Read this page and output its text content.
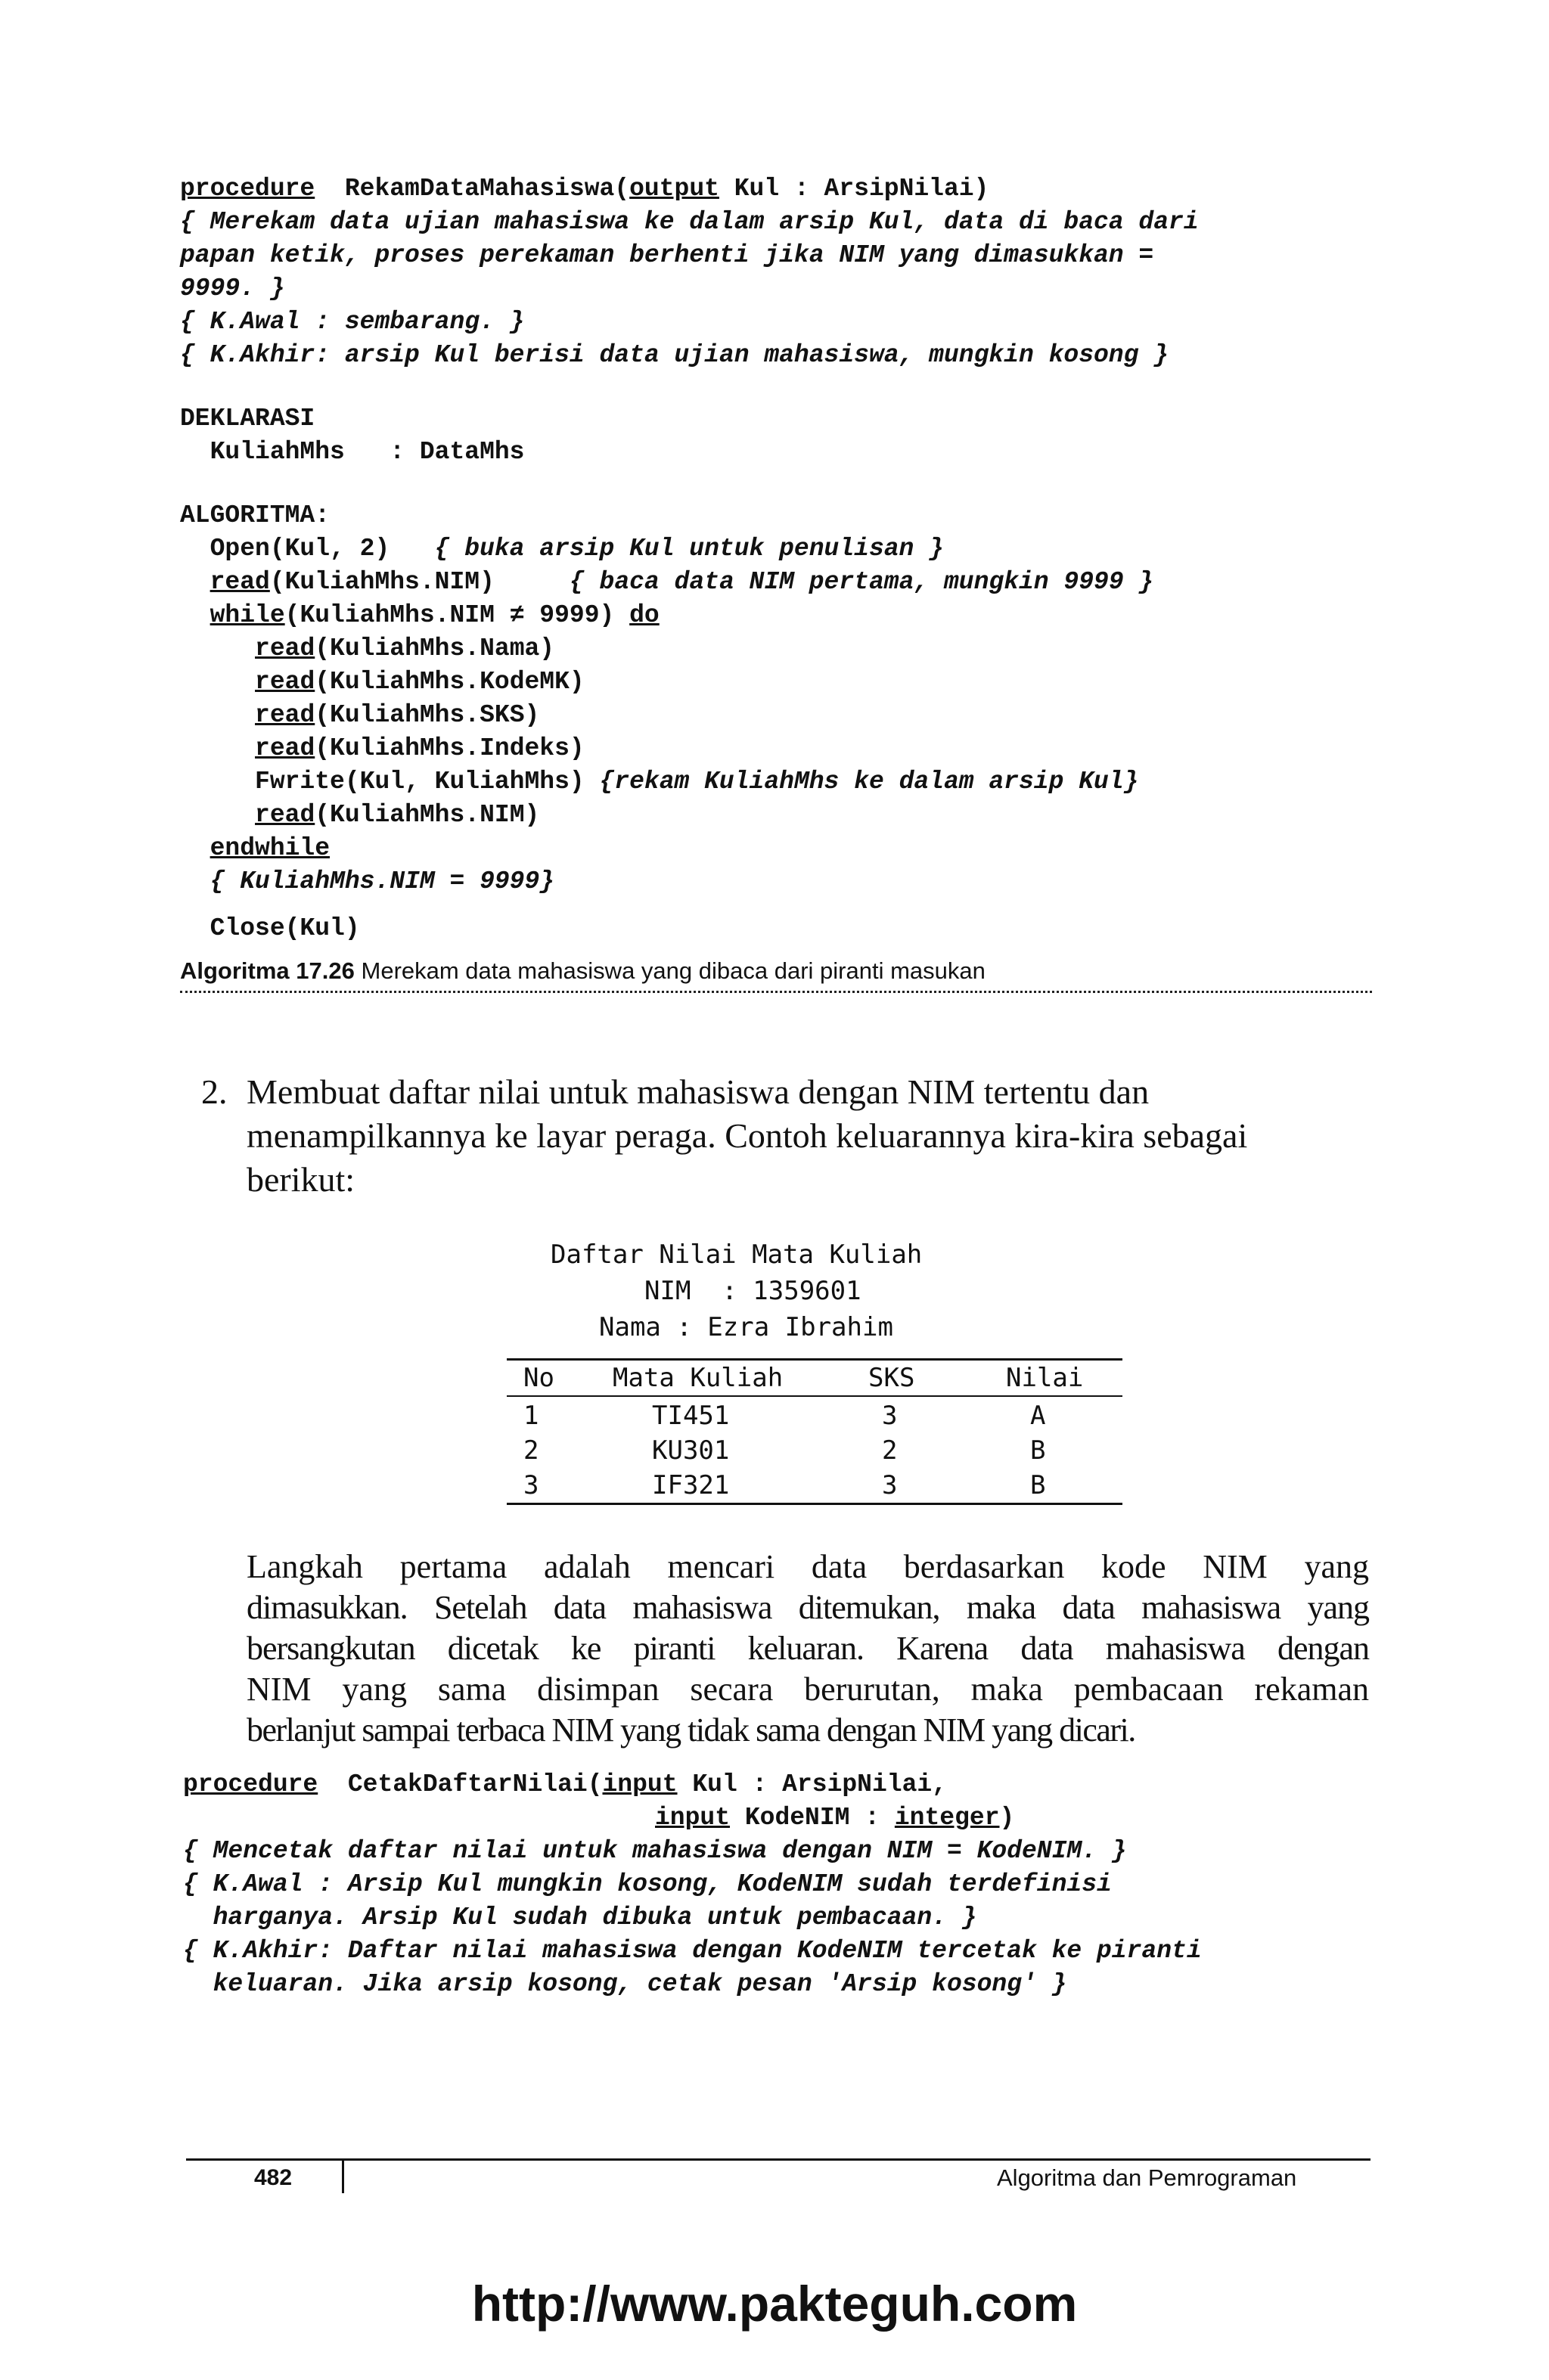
procedure RekamDataMahasiswa(output Kul : ArsipNilai)
{ Merekam data ujian mahasiswa ke dalam arsip Kul, data di baca dari
papan ketik, proses perekaman berhenti jika NIM yang dimasukkan =
9999. }
{ K.Awal : sembarang. }
{ K.Akhir: arsip Kul berisi data ujian mahasiswa, mungkin kosong }
DEKLARASI
KuliahMhs   : DataMhs
ALGORITMA:
Open(Kul, 2)   { buka arsip Kul untuk penulisan }
read(KuliahMhs.NIM)     { baca data NIM pertama, mungkin 9999 }
while(KuliahMhs.NIM ≠ 9999) do
read(KuliahMhs.Nama)
read(KuliahMhs.KodeMK)
read(KuliahMhs.SKS)
read(KuliahMhs.Indeks)
Fwrite(Kul, KuliahMhs) {rekam KuliahMhs ke dalam arsip Kul}
read(KuliahMhs.NIM)
endwhile
{ KuliahMhs.NIM = 9999}
Close(Kul)
Algoritma 17.26 Merekam data mahasiswa yang dibaca dari piranti masukan
2. Membuat daftar nilai untuk mahasiswa dengan NIM tertentu dan
menampilkannya ke layar peraga. Contoh keluarannya kira-kira sebagai
berikut:
Daftar Nilai Mata Kuliah
NIM  : 1359601
Nama : Ezra Ibrahim
No	Mata Kuliah	SKS	Nilai
1	TI451	3	A
2	KU301	2	B
3	IF321	3	B
Langkah pertama adalah mencari data berdasarkan kode NIM yang
dimasukkan. Setelah data mahasiswa ditemukan, maka data mahasiswa yang
bersangkutan dicetak ke piranti keluaran. Karena data mahasiswa dengan
NIM yang sama disimpan secara berurutan, maka pembacaan rekaman
berlanjut sampai terbaca NIM yang tidak sama dengan NIM yang dicari.
procedure  CetakDaftarNilai(input Kul : ArsipNilai,
input KodeNIM : integer)
{ Mencetak daftar nilai untuk mahasiswa dengan NIM = KodeNIM. }
{ K.Awal : Arsip Kul mungkin kosong, KodeNIM sudah terdefinisi
harganya. Arsip Kul sudah dibuka untuk pembacaan. }
{ K.Akhir: Daftar nilai mahasiswa dengan KodeNIM tercetak ke piranti
keluaran. Jika arsip kosong, cetak pesan 'Arsip kosong' }
482	Algoritma dan Pemrograman
http://www.pakteguh.com
